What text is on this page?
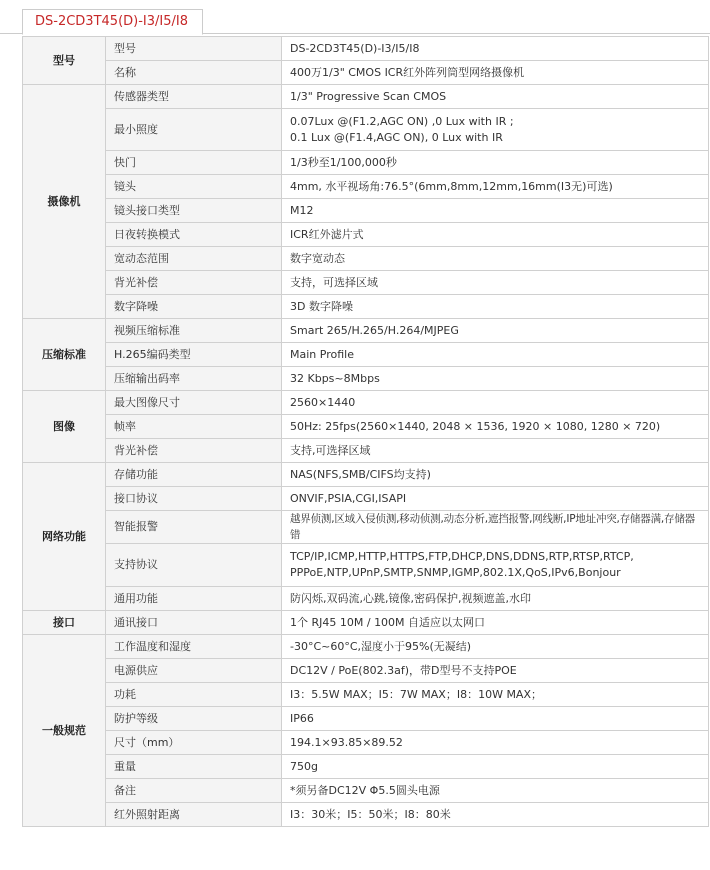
DS-2CD3T45(D)-I3/I5/I8
型号	型号	DS-2CD3T45(D)-I3/I5/I8
	名称	400万1/3" CMOS ICR红外阵列筒型网络摄像机
摄像机	传感器类型	1/3" Progressive Scan CMOS
	最小照度	0.07Lux @(F1.2,AGC ON) ,0 Lux with IR ;
0.1 Lux @(F1.4,AGC ON), 0 Lux with IR

	快门	1/3秒至1/100,000秒
	镜头	4mm, 水平视场角:76.5°(6mm,8mm,12mm,16mm(I3无)可选)
	镜头接口类型	M12
	日夜转换模式	ICR红外滤片式
	宽动态范围	数字宽动态
	背光补偿	支持，可选择区域
	数字降噪	3D 数字降噪
压缩标准	视频压缩标准	Smart 265/H.265/H.264/MJPEG
	H.265编码类型	Main Profile
	压缩输出码率	32 Kbps~8Mbps
图像	最大图像尺寸	2560×1440
	帧率	50Hz: 25fps(2560×1440, 2048 × 1536, 1920 × 1080, 1280 × 720)
	背光补偿	支持,可选择区域
网络功能	存储功能	NAS(NFS,SMB/CIFS均支持)
	接口协议	ONVIF,PSIA,CGI,ISAPI
	智能报警	越界侦测,区域入侵侦测,移动侦测,动态分析,遮挡报警,网线断,IP地址冲突,存储器满,存储器错
	支持协议	TCP/IP,ICMP,HTTP,HTTPS,FTP,DHCP,DNS,DDNS,RTP,RTSP,RTCP,
PPPoE,NTP,UPnP,SMTP,SNMP,IGMP,802.1X,QoS,IPv6,Bonjour

	通用功能	防闪烁,双码流,心跳,镜像,密码保护,视频遮盖,水印
接口	通讯接口	1个 RJ45 10M / 100M 自适应以太网口
一般规范	工作温度和湿度	-30°C~60°C,湿度小于95%(无凝结)
	电源供应	DC12V / PoE(802.3af)，带D型号不支持POE
	功耗	I3：5.5W MAX；I5：7W MAX；I8：10W MAX；
	防护等级	IP66
	尺寸（mm）	194.1×93.85×89.52
	重量	750g
	备注	*须另备DC12V Φ5.5圆头电源
	红外照射距离	I3：30米；I5：50米；I8：80米
